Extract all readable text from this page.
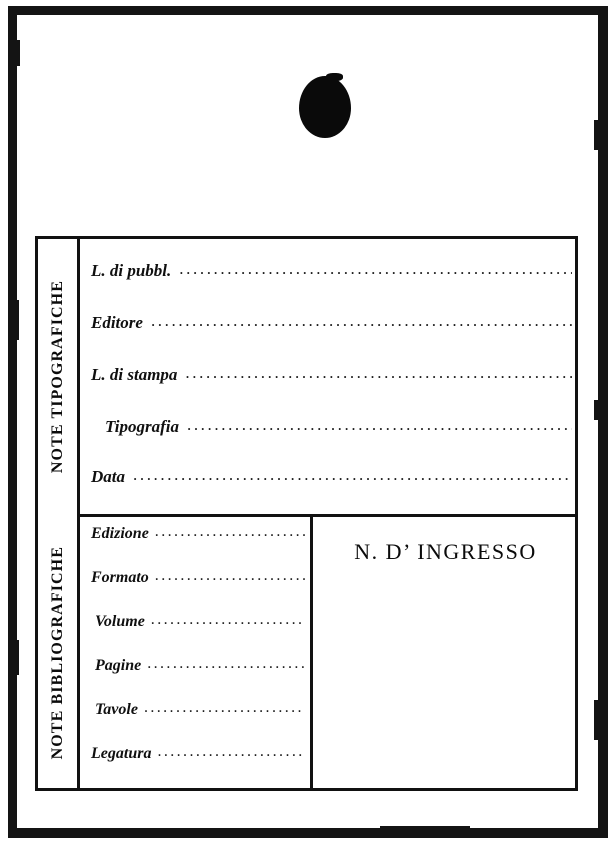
NOTE TIPOGRAFICHE
NOTE BIBLIOGRAFICHE
L. di pubbl.
.....
Editore
.....
L. di stampa
.....
Tipografia
.....
Data
.....
Edizione
.....
Formato
.....
Volume
.....
Pagine
.....
Tavole
.....
Legatura
.....
N. D’ INGRESSO
